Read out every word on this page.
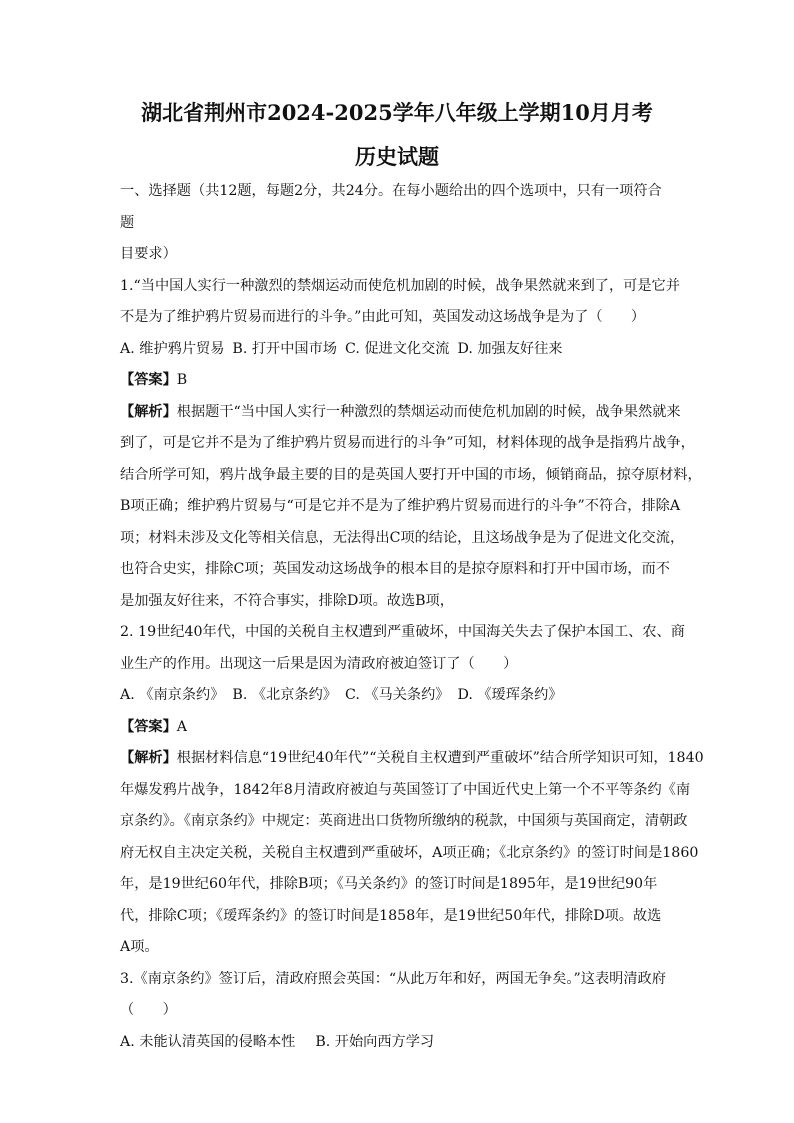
湖北省荆州市2024-2025学年八年级上学期10月月考
历史试题

一、选择题（共12题，每题2分，共24分。在每小题给出的四个选项中，只有一项符合题

目要求）

1.“当中国人实行一种激烈的禁烟运动而使危机加剧的时候，战争果然就来到了，可是它并

不是为了维护鸦片贸易而进行的斗争。”由此可知，英国发动这场战争是为了（　　）

A. 维护鸦片贸易 B. 打开中国市场 C. 促进文化交流 D. 加强友好往来

【答案】B

【解析】根据题干“当中国人实行一种激烈的禁烟运动而使危机加剧的时候，战争果然就来

到了，可是它并不是为了维护鸦片贸易而进行的斗争”可知，材料体现的战争是指鸦片战争，

结合所学可知，鸦片战争最主要的目的是英国人要打开中国的市场，倾销商品，掠夺原材料，

B项正确；维护鸦片贸易与“可是它并不是为了维护鸦片贸易而进行的斗争”不符合，排除A

项；材料未涉及文化等相关信息，无法得出C项的结论，且这场战争是为了促进文化交流，

也符合史实，排除C项；英国发动这场战争的根本目的是掠夺原料和打开中国市场，而不

是加强友好往来，不符合事实，排除D项。故选B项，

2. 19世纪40年代，中国的关税自主权遭到严重破坏，中国海关失去了保护本国工、农、商

业生产的作用。出现这一后果是因为清政府被迫签订了（　　）

A. 《南京条约》 B. 《北京条约》 C. 《马关条约》 D. 《瑷珲条约》

【答案】A

【解析】根据材料信息“19世纪40年代”“关税自主权遭到严重破坏”结合所学知识可知，1840

年爆发鸦片战争，1842年8月清政府被迫与英国签订了中国近代史上第一个不平等条约《南

京条约》。《南京条约》中规定：英商进出口货物所缴纳的税款，中国须与英国商定，清朝政

府无权自主决定关税，关税自主权遭到严重破坏，A项正确；《北京条约》的签订时间是1860

年，是19世纪60年代，排除B项；《马关条约》的签订时间是1895年，是19世纪90年

代，排除C项；《瑷珲条约》的签订时间是1858年，是19世纪50年代，排除D项。故选

A项。

3.《南京条约》签订后，清政府照会英国：“从此万年和好，两国无争矣。”这表明清政府

（　　）

A. 未能认清英国的侵略本性 B. 开始向西方学习
